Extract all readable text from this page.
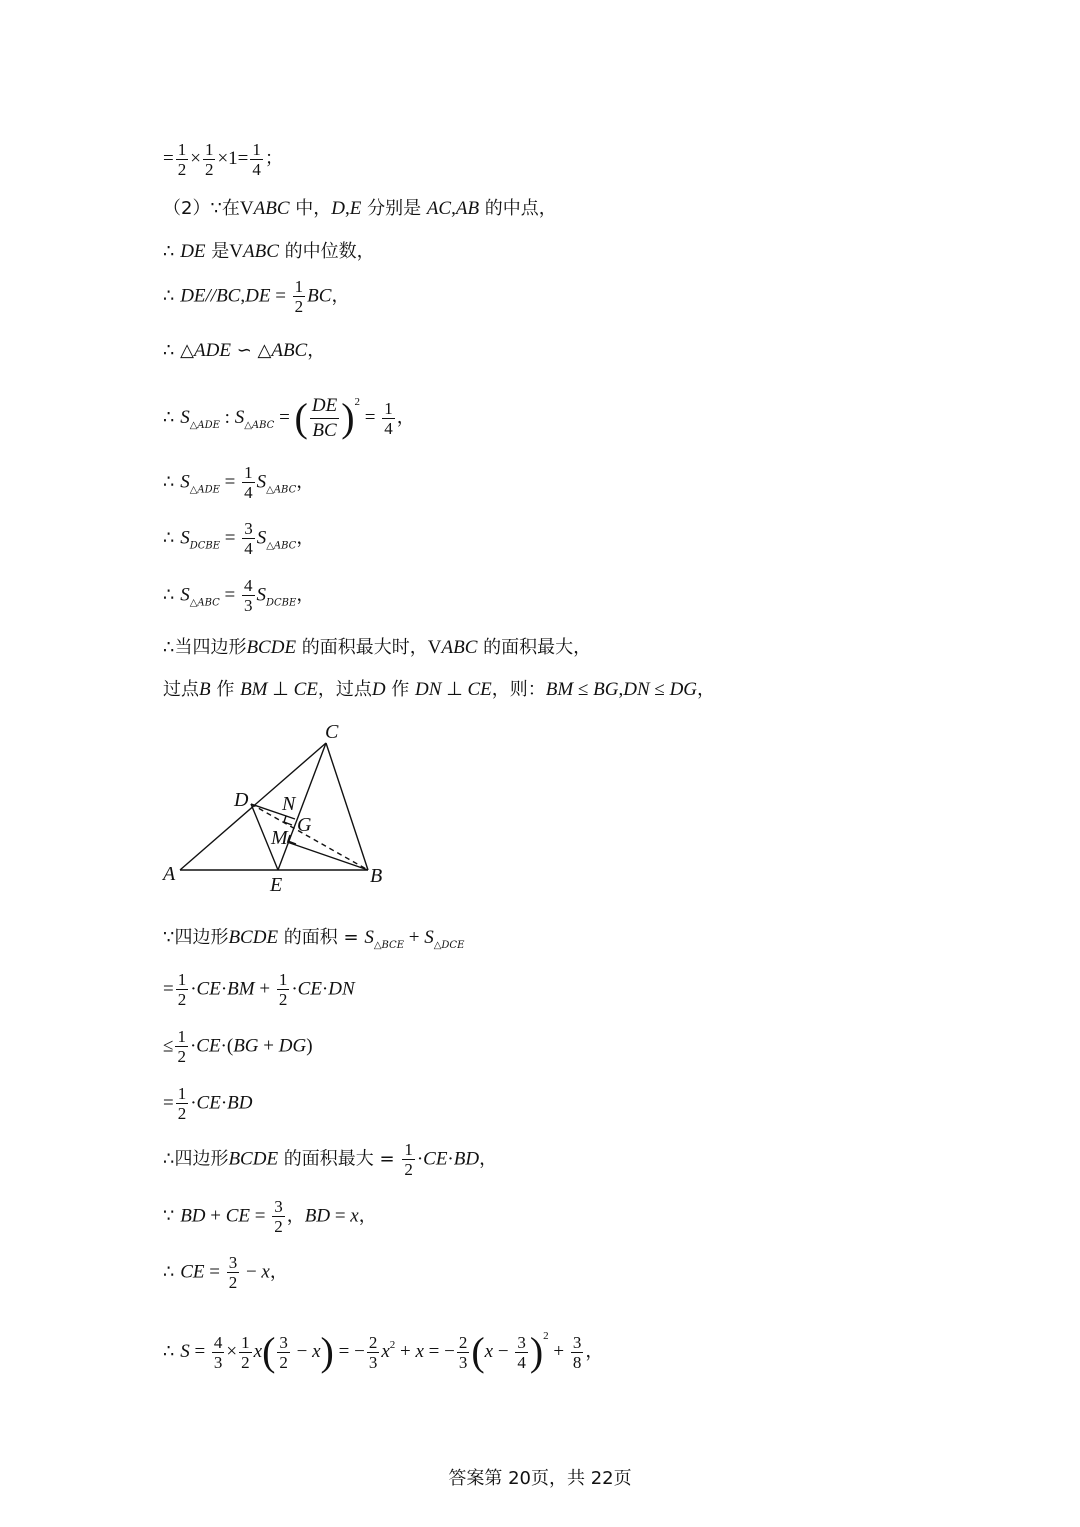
= $\frac{1}{2} \times \frac{1}{2} \times 1= \frac{1}{4}$ ；
（2）∵在VABC 中，D,E 分别是 AC,AB 的中点，
∴ DE 是VABC 的中位数，
∴ $DE//BC,DE = \frac{1}{2}$ BC，
∴ △ADE ∽ △ABC，
∴ $S_{\triangle ADE}$ : $S_{\triangle ABC}$ = ( $\frac{DE}{BC} )^2 = \frac{1}{4}$ ，
∴ $S_{\triangle ADE} = \frac{1}{4} S_{\triangle ABC}$，
∴ $S_{DCBE} = \frac{3}{4} S_{\triangle ABC}$，
∴ $S_{\triangle ABC} = \frac{4}{3} S_{DCBE}$，
∴当四边形BCDE 的面积最大时，VABC 的面积最大，
过点B 作 BM ⊥ CE，过点D 作 DN ⊥ CE，则：BM ≤ BG,DN ≤ DG，
A	B
C
D
E
N
G
M
∵四边形BCDE 的面积 = $S_{\triangle BCE} + S_{\triangle DCE}$
= $\frac{1}{2} \cdot CE\cdot BM + \frac{1}{2} \cdot CE\cdot DN$
≤ $\frac{1}{2} \cdot CE\cdot(BG + DG)$
= $\frac{1}{2} \cdot CE\cdot BD$
∴四边形BCDE 的面积最大 = $\frac{1}{2} \cdot CE\cdot BD$，
∵ BD + CE = $\frac{3}{2}$ ，BD = x，
∴ CE = $\frac{3}{2} - x$，
∴ $S = \frac{4}{3} \times \frac{1}{2} x( \frac{3}{2} - x)$ = − $\frac{2}{3} x^2 + x$ = − $\frac{2}{3} (x - \frac{3}{4} )^2 + \frac{3}{8}$ ，
答案第 20页，共 22页
